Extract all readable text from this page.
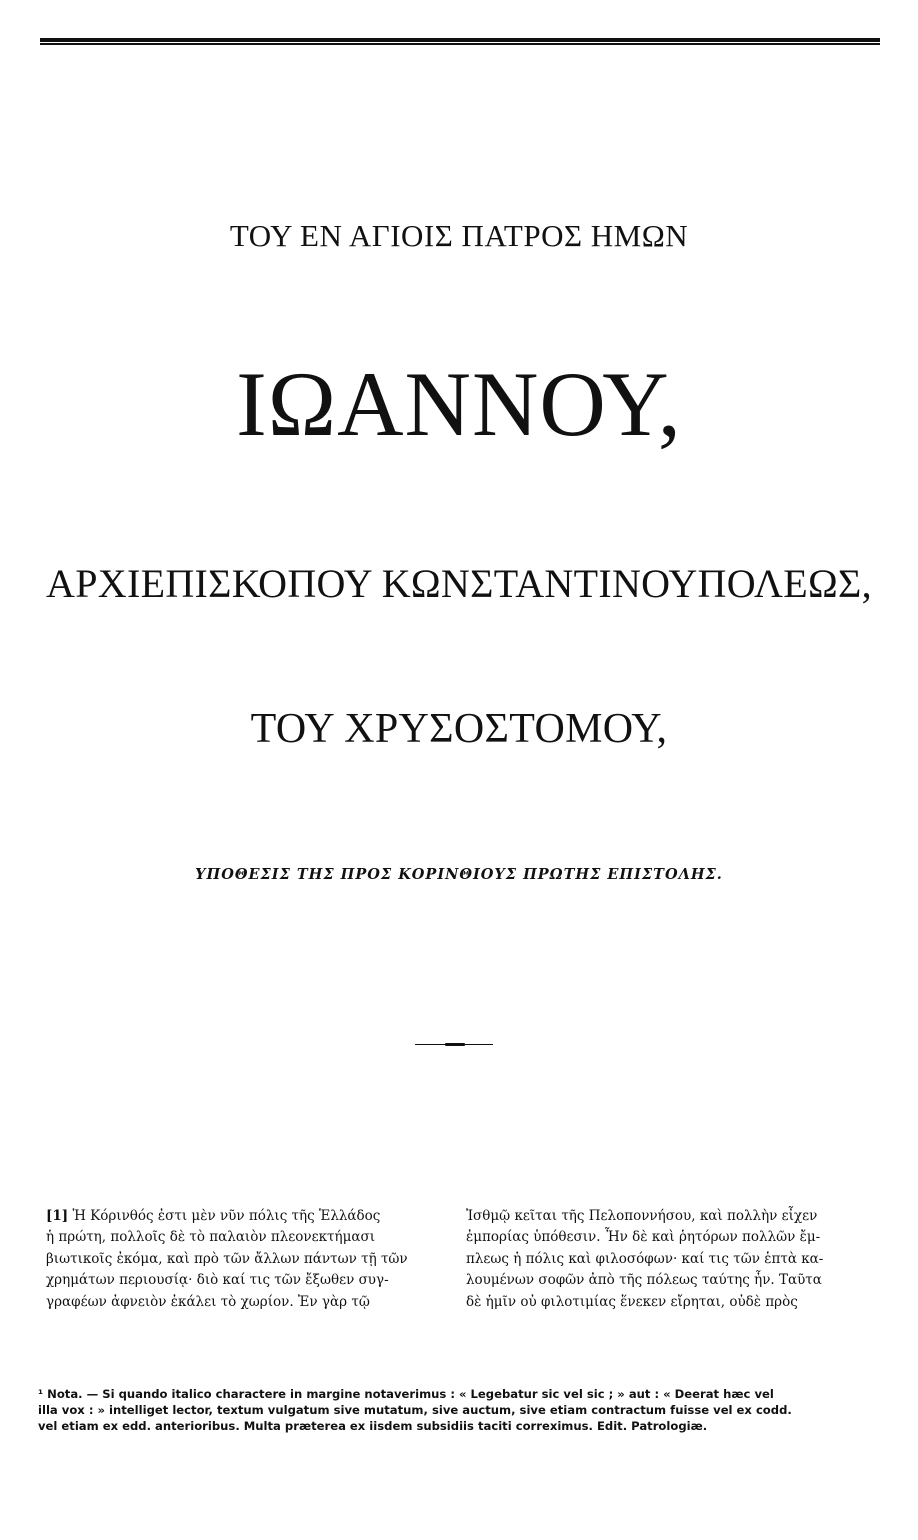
ΤΟΥ ΕΝ ΑΓΙΟΙΣ ΠΑΤΡΟΣ ΗΜΩΝ
ΙΩΑΝΝΟΥ,
ΑΡΧΙΕΠΙΣΚΟΠΟΥ ΚΩΝΣΤΑΝΤΙΝΟΥΠΟΛΕΩΣ,
ΤΟΥ ΧΡΥΣΟΣΤΟΜΟΥ,
ΥΠΟΘΕΣΙΣ ΤΗΣ ΠΡΟΣ ΚΟΡΙΝΘΙΟΥΣ ΠΡΩΤΗΣ ΕΠΙΣΤΟΛΗΣ.
[1] Ἡ Κόρινθός ἐστι μὲν νῦν πόλις τῆς Ἑλλάδος
ἡ πρώτη, πολλοῖς δὲ τὸ παλαιὸν πλεονεκτήμασι
βιωτικοῖς ἐκόμα, καὶ πρὸ τῶν ἄλλων πάντων τῇ τῶν
χρημάτων περιουσίᾳ· διὸ καί τις τῶν ἔξωθεν συγ-
γραφέων ἀφνειὸν ἐκάλει τὸ χωρίον. Ἐν γὰρ τῷ
Ἰσθμῷ κεῖται τῆς Πελοποννήσου, καὶ πολλὴν εἶχεν
ἐμπορίας ὑπόθεσιν. Ἦν δὲ καὶ ῥητόρων πολλῶν ἔμ-
πλεως ἡ πόλις καὶ φιλοσόφων· καί τις τῶν ἑπτὰ κα-
λουμένων σοφῶν ἀπὸ τῆς πόλεως ταύτης ἦν. Ταῦτα
δὲ ἡμῖν οὐ φιλοτιμίας ἕνεκεν εἴρηται, οὐδὲ πρὸς
¹ Nota. — Si quando italico charactere in margine notaverimus : « Legebatur sic vel sic ; » aut : « Deerat hæc vel
illa vox : » intelliget lector, textum vulgatum sive mutatum, sive auctum, sive etiam contractum fuisse vel ex codd.
vel etiam ex edd. anterioribus. Multa præterea ex iisdem subsidiis taciti correximus. Edit. Patrologiæ.
